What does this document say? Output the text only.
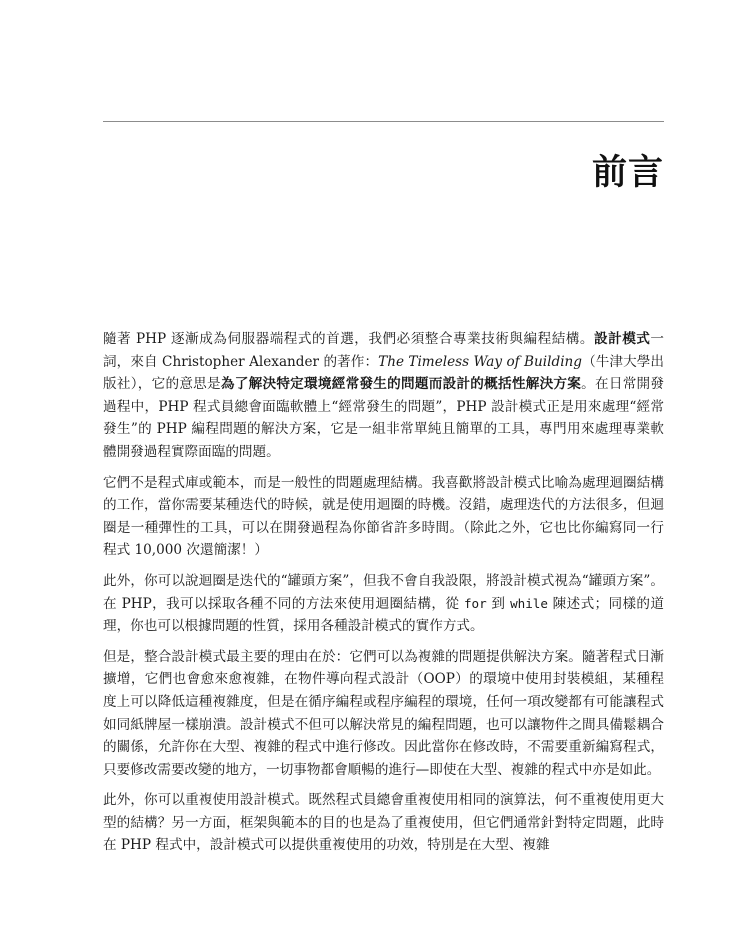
前言

隨著 PHP 逐漸成為伺服器端程式的首選，我們必須整合專業技術與編程結構。設計模式一詞，來自 Christopher Alexander 的著作：The Timeless Way of Building（牛津大學出版社），它的意思是為了解決特定環境經常發生的問題而設計的概括性解決方案。在日常開發過程中，PHP 程式員總會面臨軟體上“經常發生的問題”，PHP 設計模式正是用來處理“經常發生”的 PHP 編程問題的解決方案，它是一組非常單純且簡單的工具，專門用來處理專業軟體開發過程實際面臨的問題。

它們不是程式庫或範本，而是一般性的問題處理結構。我喜歡將設計模式比喻為處理迴圈結構的工作，當你需要某種迭代的時候，就是使用迴圈的時機。沒錯，處理迭代的方法很多，但迴圈是一種彈性的工具，可以在開發過程為你節省許多時間。（除此之外，它也比你編寫同一行程式 10,000 次還簡潔！）

此外，你可以說迴圈是迭代的“罐頭方案”，但我不會自我設限，將設計模式視為“罐頭方案”。在 PHP，我可以採取各種不同的方法來使用迴圈結構，從 for 到 while 陳述式；同樣的道理，你也可以根據問題的性質，採用各種設計模式的實作方式。

但是，整合設計模式最主要的理由在於：它們可以為複雜的問題提供解決方案。隨著程式日漸擴增，它們也會愈來愈複雜，在物件導向程式設計（OOP）的環境中使用封裝模組，某種程度上可以降低這種複雜度，但是在循序編程或程序編程的環境，任何一項改變都有可能讓程式如同紙牌屋一樣崩潰。設計模式不但可以解決常見的編程問題，也可以讓物件之間具備鬆耦合的關係，允許你在大型、複雜的程式中進行修改。因此當你在修改時，不需要重新編寫程式，只要修改需要改變的地方，一切事物都會順暢的進行—即使在大型、複雜的程式中亦是如此。

此外，你可以重複使用設計模式。既然程式員總會重複使用相同的演算法，何不重複使用更大型的結構？另一方面，框架與範本的目的也是為了重複使用，但它們通常針對特定問題，此時在 PHP 程式中，設計模式可以提供重複使用的功效，特別是在大型、複雜
